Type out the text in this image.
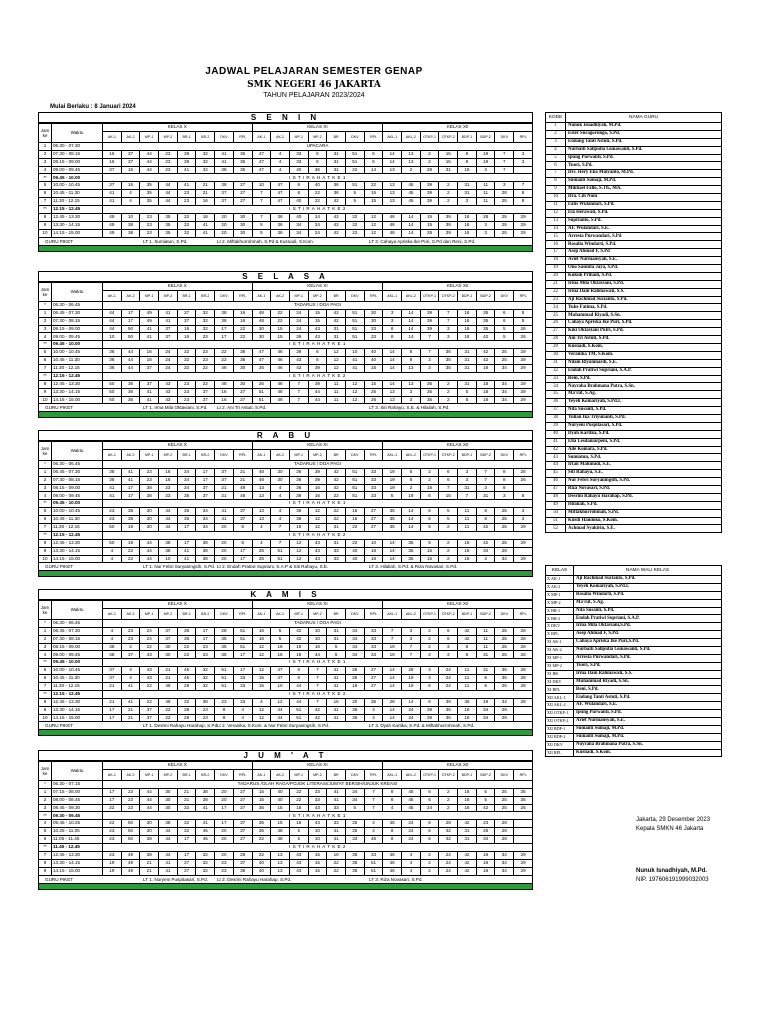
JADWAL PELAJARAN SEMESTER GENAP
SMK NEGERI 46 JAKARTA
TAHUN PELAJARAN 2023/2024
Mulai Berlaku : 8 Januari 2024
S E N I N
Jam ke	Waktu	KELAS X								KELAS XI							KELAS XII							
		AK-1	AK-2	MP-1	MP-2	BR-1	BR-2	DKV	RPL	AK-1	AK-2	MP-1	MP-2	BR	DKV	RPL	AKL-1	AKL-2	OTKP-1	OTKP-2	BDP-1	BDP-2	DKV	RPL
1	06.30 - 07.30	UPACARA																						
2	07.30 - 08.15	16	37	44	23	38	32	41	35	47	4	33	6	31	51	5	14	13	2	15	8	18	7	3
3	08.15 - 09.00	16	37	44	23	38	32	41	35	47	4	33	6	31	51	5	14	13	2	15	8	18	7	3
4	09.00 - 09.45	37	16	44	23	41	32	38	35	47	4	40	36	31	22	14	13	2	28	31	18	3	7	
**	09.45 - 10.00	I S T I R A H A T K E 1																						
5	10.00 - 10.45	37	16	35	44	41	21	38	27	10	47	6	40	36	51	22	13	45	39	2	31	11	3	7
6	10.45 - 11.30	41	4	35	44	23	21	37	27	7	47	6	22	36	5	15	13	45	39	2	31	11	28	8
7	11.30 - 12.15	41	4	35	44	23	16	37	27	7	47	40	22	42	5	15	13	45	39	2	3	11	25	8
**	12.15 - 12.45	I S T I R A H A T K E 2																						
8	12.45 - 13.30	49	10	23	35	32	16	20	30	7	36	40	24	42	22	12	46	14	15	39	18	28	25	29
9	13.30 - 14.15	49	38	23	35	32	41	20	30	5	36	34	24	42	22	12	46	14	15	39	18	3	25	29
10	14.15 - 15.00	49	38	23	35	32	41	20	30	5	36	34	24	42	22	12	46	14	28	39	18	3	25	29
GURU PIKET	LT 1. Sumiatun, S.Pd.	Lt 2. Miftakhurrohmah, S.Pd & Kusnadi, S.Kom	LT 3. Cahaya Apriska Ike Puri, S.Pd dan Reni, S.Pd.
S E L A S A
Jam ke	Waktu	KELAS X								KELAS XI							KELAS XII							
		AK-1	AK-2	MP-1	MP-2	BR-1	BR-2	DKV	RPL	AK-1	AK-2	MP-1	MP-2	BR	DKV	RPL	AKL-1	AKL-2	OTKP-1	OTKP-2	BDP-1	BDP-2	DKV	RPL
*	06.30 - 06.45	TADARUS / DOA PAGI																						
1	06.45 - 07.30	44	17	49	41	37	32	38	16	48	22	24	15	42	51	30	3	14	39	7	18	35	6	5
2	07.30 - 08.15	44	17	49	41	37	32	38	16	48	22	24	15	42	51	30	3	14	39	7	18	35	6	5
3	08.15 - 09.00	44	50	41	37	16	32	17	22	30	15	24	43	31	51	33	8	14	39	3	18	35	5	26
4	09.00 - 09.45	10	50	41	37	16	23	17	22	30	15	39	43	31	51	33	8	14	7	3	18	42	5	26
**	09.45 - 10.00	I S T I R A H A T K E 1																						
5	10.00 - 10.45	36	44	16	24	32	23	22	38	47	46	39	6	12	10	40	14	8	7	35	31	42	25	29
6	10.45 - 11.30	36	44	16	24	32	23	22	38	47	46	43	6	12	41	40	14	8	3	35	31	42	25	29
7	11.30 - 12.15	36	44	37	24	32	22	48	30	26	46	43	39	12	41	15	14	13	3	35	31	18	34	29
**	12.15 - 12.45	I S T I R A H A T K E 2																						
8	12.45 - 13.30	50	36	37	43	23	22	48	30	26	46	7	39	11	12	15	14	13	35	2	31	18	34	29
9	13.30 - 14.15	50	36	41	43	23	37	16	27	51	48	7	44	11	12	26	13	3	35	2	5	18	34	29
10	14.15 - 15.00	50	36	41	43	23	37	16	27	51	48	7	44	11	12	26	13	3	35	2	5	18	34	29
GURU PIKET	LT 1. Irma Mila Oktaviani, S.Pd. Lt 2. Ani Tri Astuti, S.Pd.	LT 3. Siti Rahayu, S.E. & Hilaliah, S.Pd.
R A B U
Jam ke	Waktu	KELAS X								KELAS XI							KELAS XII							
		AK-1	AK-2	MP-1	MP-2	BR-1	BR-2	DKV	RPL	AK-1	AK-2	MP-1	MP-2	BR	DKV	RPL	AKL-1	AKL-2	OTKP-1	OTKP-2	BDP-1	BDP-2	DKV	RPL
*	06.30 - 06.45	TADARUS / DOA PAGI																						
1	06.45 - 07.30	38	41	23	16	34	17	37	21	48	30	36	39	42	51	33	19	5	2	6	3	7	8	26
2	07.30 - 08.15	38	41	23	16	34	17	37	21	48	30	36	39	42	51	33	19	5	2	6	3	7	8	26
3	08.15 - 09.00	41	17	38	23	34	37	21	48	13	4	36	16	42	51	33	19	2	15	7	31	3	8	
4	09.00 - 09.45	41	17	38	23	36	37	21	48	13	4	39	16	22	51	33	5	19	6	15	7	31	3	8
**	09.45 - 10.00	I S T I R A H A T K E 1																						
5	10.00 - 10.45	23	38	30	44	36	34	41	37	13	4	39	12	22	16	27	35	14	6	5	11	8	25	3
6	10.45 - 11.30	23	38	30	44	36	34	41	37	13	4	39	12	22	16	27	35	14	6	5	11	8	25	3
7	11.30 - 12.15	50	19	30	44	17	34	20	8	4	7	15	12	31	22	27	35	14	5	2	11	42	25	29
**	12.15 - 12.45	I S T I R A H A T K E 2																						
8	12.45 - 13.30	50	19	44	38	17	36	20	8	4	7	12	43	31	22	10	14	35	5	2	18	42	25	29
9	13.30 - 14.15	4	22	44	38	41	36	20	17	26	51	12	43	33	40	16	14	35	15	2	18	34	29	
10	14.15 - 15.00	4	22	44	10	41	36	20	17	26	51	12	43	33	40	16	14	35	15	2	18	3	34	29
GURU PIKET	LT 1. Nur Febri Suryaningsih, S.Pd. Lt 2. Endah Pratiwi Supriani, S.A.P & Siti Rahayu, S.E.	LT 3. Hilaliah, S.Pd. & Riza Novasari, S.Pd.
K A M I S
Jam ke	Waktu	KELAS X								KELAS XI							KELAS XII							
		AK-1	AK-2	MP-1	MP-2	BR-1	BR-2	DKV	RPL	AK-1	AK-2	MP-1	MP-2	BR	DKV	RPL	AKL-1	AKL-2	OTKP-1	OTKP-2	BDP-1	BDP-2	DKV	RPL
*	06.30 - 06.45	TADARUS / DOA PAGI																						
1	06.45 - 07.30	4	23	24	37	38	17	28	51	16	5	42	10	31	34	33	7	3	2	6	42	11	25	26
2	07.30 - 08.15	4	23	24	37	38	17	35	51	16	5	42	10	31	34	33	7	3	2	6	42	11	25	26
3	08.15 - 09.00	38	4	22	30	22	23	35	51	12	16	15	16	5	34	33	19	7	2	3	8	11	25	26
4	09.00 - 09.45	38	37	43	30	22	23	35	17	12	16	15	44	5	34	33	19	7	2	3	8	31	25	26
**	09.45 - 10.00	I S T I R A H A T K E 1																						
5	10.00 - 10.45	37	4	43	21	45	32	51	17	12	47	6	7	41	25	27	14	28	3	24	11	31	35	29
6	10.45 - 11.30	37	4	43	21	45	32	51	33	15	47	6	7	41	25	27	14	19	3	24	11	8	35	29
7	11.30 - 12.15	21	41	22	49	28	32	51	33	15	10	44	7	41	16	27	14	19	6	24	11	8	25	29
**	12.15 - 12.45	I S T I R A H A T K E 2																						
8	12.45 - 13.30	21	41	22	49	32	38	23	33	4	12	44	7	16	20	36	28	14	6	39	35	18	34	29
9	13.30 - 14.15	17	21	37	22	38	23	8	4	12	44	51	42	41	36	3	14	24	39	35	18	34	29	
10	14.15 - 15.00	17	21	37	22	28	23	8	4	12	44	51	42	41	36	3	14	24	39	35	18	34	29	
GURU PIKET	LT 1. Desrini Rahayu Harahap, S.Pd.
Lt 2. Veranika, S.Kom. & Nur Febri Suryaningsih, S.Pd.	LT 3. Dyah Kartika, S.Pd. & Miftakhurrohmah, S.Pd.
J U M ' A T
Jam ke	Waktu	KELAS X								KELAS XI							KELAS XII							
		AK-1	AK-2	MP-1	MP-2	BR-1	BR-2	DKV	RPL	AK-1	AK-2	MP-1	MP-2	BR	DKV	RPL	AKL-1	AKL-2	OTKP-1	OTKP-2	BDP-1	BDP-2	DKV	RPL
*	06.30 - 07.15	TADARUS /OLAH RAGA/POJOK LITERASI/JUM'AT BERSIH/UNJUK KREASI																						
1	07.15 - 08.00	17	23	44	30	21	38	20	27	15	40	22	33	41	34	7	8	45	6	2	18	5	25	35
2	08.00 - 08.45	17	23	44	30	21	38	20	27	15	40	22	33	41	34	7	8	45	6	2	18	5	25	35
3	08.45 - 09.30	22	23	44	30	32	41	17	27	36	15	16	43	33	5	7	4	45	24	2	18	42	25	26
**	09.30 - 09.45	I S T I R A H A T K E 1																						
4	09.45 - 10.25	22	50	30	38	32	41	17	37	36	15	16	43	33	26	4	45	24	6	28	42	23	29	
5	10.25 - 11.05	23	50	30	44	32	45	20	37	36	48	5	10	41	26	4	8	24	6	42	31	25	29	
6	11.05 - 11.45	23	50	38	44	17	45	20	27	22	48	5	10	41	33	46	8	24	6	42	31	34	29	
**	11.45 - 12.45	I S T I R A H A T K E 2																						
7	12.45 - 13.30	23	49	38	44	17	32	20	28	22	13	43	15	10	36	33	46	4	2	24	42	18	34	29
8	13.30 - 14.15	19	49	21	41	37	32	23	37	40	13	43	15	22	36	51	46	4	2	24	42	18	34	29
9	14.15 - 15.00	19	49	21	41	37	32	23	38	40	13	43	15	22	36	51	46	4	2	24	42	18	34	29
GURU PIKET	LT 1. Nuryeni Puspitasari, S.Pd. Lt 2. Desrini Rahayu Harahap, S.Pd.	LT 3. Riza Novasari, S.Pd.
KODE	NAMA GURU
1	Nunuk Isnadhiyah, M.Pd.
2	Ester Suragorungo, S.Pd.
3	Endang Tanti Astuti, S.Pd.
4	Nurbaiti Saliputia Gunawanti, S.Pd.
5	Ipung Purwanti, S.Pd.
6	Yuori, S.Pd.
7	Drs. Hery Eko Mulyanto, M.Pd.
8	Sumanti Sumaji, M.Pd.
9	Mikhael Fallo, S.Th., MA.
10	Dra. Cih Nuni
11	Fatis Wulandari, S.Pd.
12	Ela Herawati, S.Pd.
13	Suprianto, S.Pd.
14	AF. Wulandari, S.E.
15	Arresta Purwandari, S.Pd
16	Rosalia Windarti, S.Pd.
17	Asep Ahmad F, S.Pd
18	Arief Nurmansyah, S.E.
19	Ono Sasmita Jaya, S.Pd.
20	Kukuh Prihadi, S.Pd.
21	Irma Mila Oktaviani, S.Pd.
22	Irma Dani Rahmawati, S.S.
23	Aji Rachmad Sucianto, S.Pd.
24	Yuke Fatima, S.Pd.
25	Muhammad Riyadi, S.Sn.
26	Cahaya Apriska Ike Puri, S.Pd.
27	Kiki Oktaviani Putri, S.Pd.
28	Ani Tri Astuti, S.Pd.
29	Kusnadi, S.Kom.
30	Veranika TM, S.Kom.
31	Nilam Riyanmardi, S.E.
32	Endah Pratiwi Supriani, S.A.P.
33	Reni, S.Pd.
34	Nuyraha Brahmana Putra, S.Sn.
35	Ma'ruf, S.Ag.
36	Yeyeh Komariyah, S.Pd.I.
37	Nita Susanti, S.Pd.
38	Yulian Ika Triyunanti, S.Pd.
39	Nuryeni Puspitasari, S.Pd.
40	Dyah Kartika, S.Pd.
41	Elia Lesdaniarpeni, S.Pd.
42	Ade Komara, S.Pd.
43	Sumiatun, S.Pd.
44	Irfan Mahmudi, S.E.
45	Siti Rahayu, S.E.
46	Nur Febri Suryaningsih, S.Pd.
47	Riza Novasari, S.Pd.
48	Desrini Rahayu Harahap, S.Pd.
49	Hilaliah, S.Pd.
50	Miftakhurrohmah, S.Pd.
51	Kusdi Handoko, S.Kom.
52	Achmad Syakirin, S.E.
KELAS	NAMA WALI KELAS
X AK-1	Aji Rachmad Sucianto, S.Pd.
X AK-2	Yeyeh Komariyah, S.Pd.I.
X MP-1	Rosalia Windarti, S.Pd.
X MP-2	Ma'ruf, S.Ag.
X BR-1	Nita Susanti, S.Pd.
X BR-2	Endah Pratiwi Supriani, S.A.P.
X DKV	Irma Mila Oktaviani,S.Pd.
X RPL	Asep Ahmad F, S.Pd.
XI AK-1	Cahaya Apriska Ike Puri,S.Pd.
XI AK-2	Nurbaiti Saliputia Gunawanti, S.Pd.
XI MP-1	Arresta Purwandari, S.Pd.
XI MP-2	Yuori, S.Pd.
XI BR	Irma Dani Rahmawati, S.S.
XI DKV	Muhammad Riyadi, S.Sn.
XI RPL	Reni, S.Pd.
XII AKL-1	Endang Tanti Astuti, S.Pd.
XII AKL-2	AF. Wulandari, S.E.
XII OTKP-1	Ipung Purwanti, S.Pd.
XII OTKP-2	Arief Nurmansyah, S.E.
XII BDP-1	Sumanti Sumaji, M.Pd.
XII BDP-2	Sumanti Sumaji, M.Pd.
XII DKV	Nuyraha Brahmana Putra, S.Sn.
XII RPL	Kusnadi, S.Kom.
Jakarta, 29 Desember 2023
Kepala SMKN 46 Jakarta
Nunuk Isnadhiyah, M.Pd.
NIP. 197606191999032003
